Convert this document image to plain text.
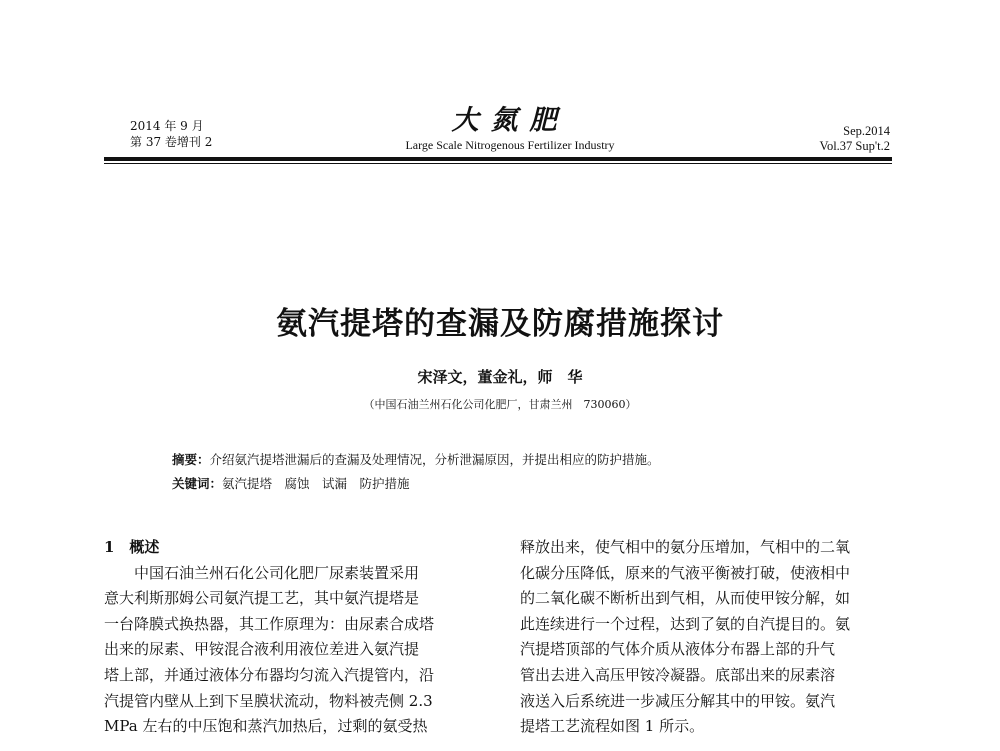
2014 年 9 月
第 37 卷增刊 2
大氮肥
Large Scale Nitrogenous Fertilizer Industry
Sep.2014
Vol.37 Sup't.2
氨汽提塔的查漏及防腐措施探讨
宋泽文，董金礼，师　华
（中国石油兰州石化公司化肥厂，甘肃兰州　730060）
摘要：介绍氨汽提塔泄漏后的查漏及处理情况，分析泄漏原因，并提出相应的防护措施。
关键词：氨汽提塔　腐蚀　试漏　防护措施
1　概述
中国石油兰州石化公司化肥厂尿素装置采用
意大利斯那姆公司氨汽提工艺，其中氨汽提塔是
一台降膜式换热器，其工作原理为：由尿素合成塔
出来的尿素、甲铵混合液利用液位差进入氨汽提
塔上部，并通过液体分布器均匀流入汽提管内，沿
汽提管内壁从上到下呈膜状流动，物料被壳侧 2.3
MPa 左右的中压饱和蒸汽加热后，过剩的氨受热
释放出来，使气相中的氨分压增加，气相中的二氧
化碳分压降低，原来的气液平衡被打破，使液相中
的二氧化碳不断析出到气相，从而使甲铵分解，如
此连续进行一个过程，达到了氨的自汽提目的。氨
汽提塔顶部的气体介质从液体分布器上部的升气
管出去进入高压甲铵冷凝器。底部出来的尿素溶
液送入后系统进一步减压分解其中的甲铵。氨汽
提塔工艺流程如图 1 所示。
